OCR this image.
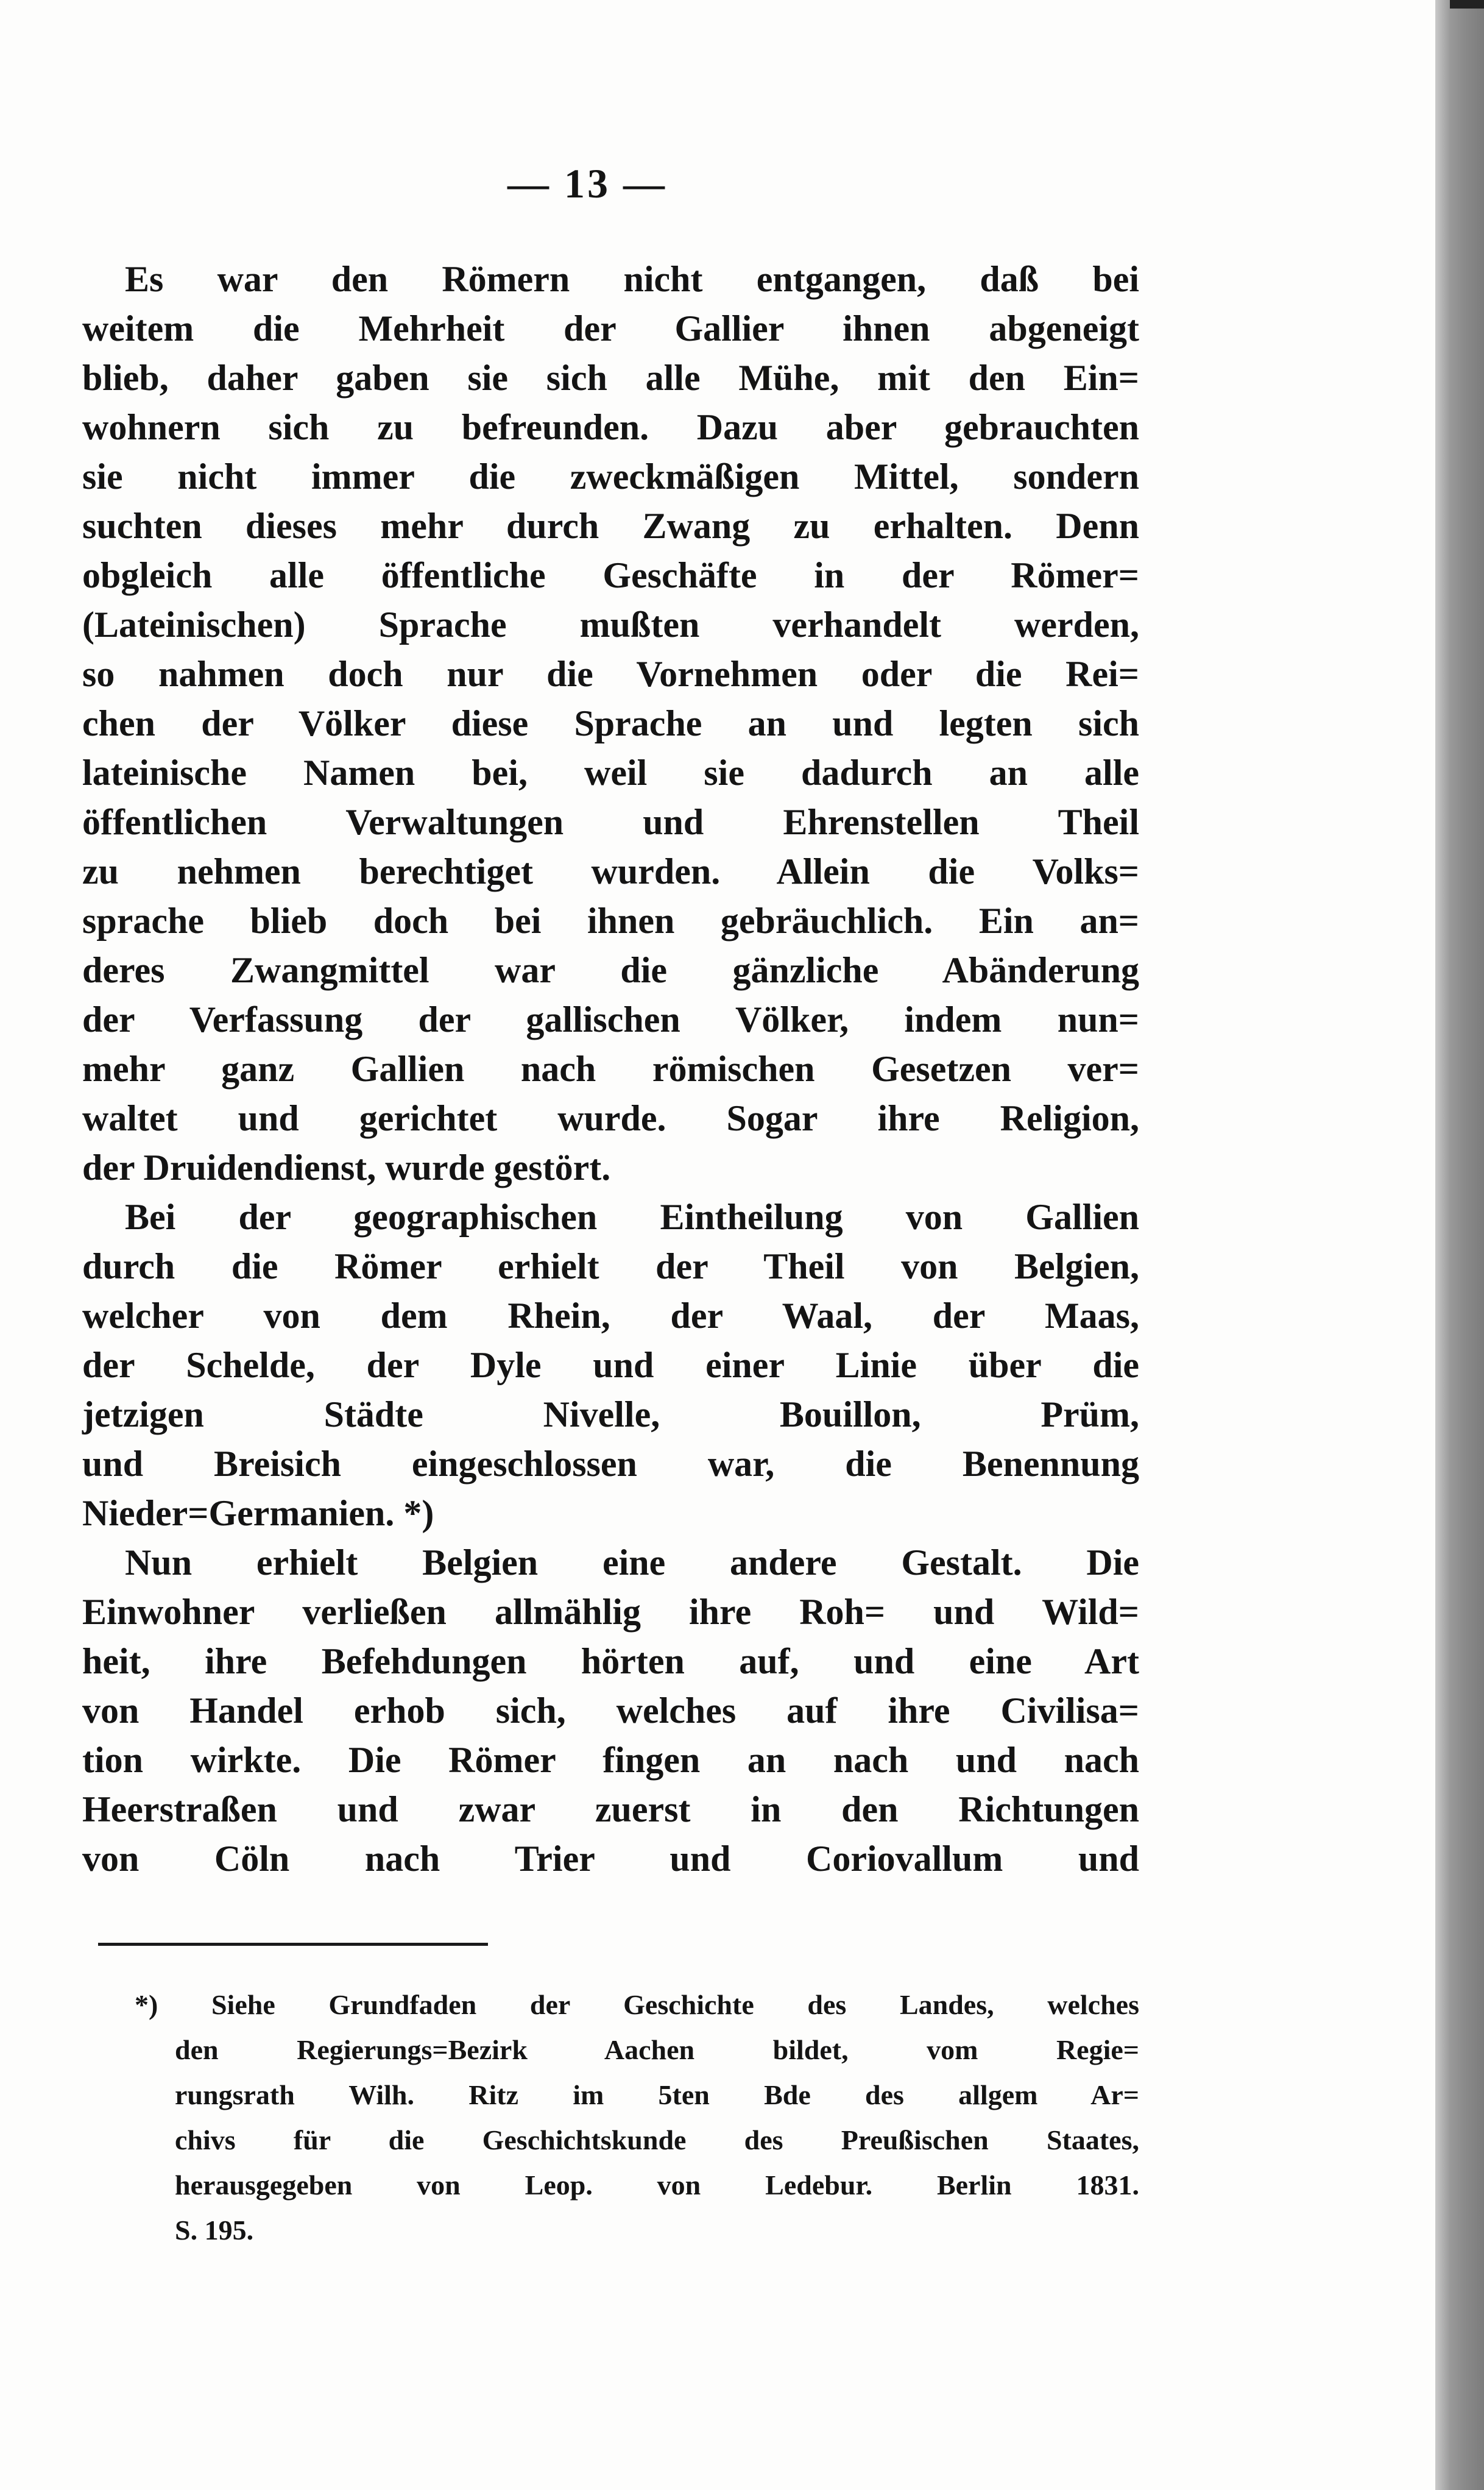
— 13 —
Es war den Römern nicht entgangen, daß bei
weitem die Mehrheit der Gallier ihnen abgeneigt
blieb, daher gaben sie sich alle Mühe, mit den Ein=
wohnern sich zu befreunden. Dazu aber gebrauchten
sie nicht immer die zweckmäßigen Mittel, sondern
suchten dieses mehr durch Zwang zu erhalten. Denn
obgleich alle öffentliche Geschäfte in der Römer=
(Lateinischen) Sprache mußten verhandelt werden,
so nahmen doch nur die Vornehmen oder die Rei=
chen der Völker diese Sprache an und legten sich
lateinische Namen bei, weil sie dadurch an alle
öffentlichen Verwaltungen und Ehrenstellen Theil
zu nehmen berechtiget wurden. Allein die Volks=
sprache blieb doch bei ihnen gebräuchlich. Ein an=
deres Zwangmittel war die gänzliche Abänderung
der Verfassung der gallischen Völker, indem nun=
mehr ganz Gallien nach römischen Gesetzen ver=
waltet und gerichtet wurde. Sogar ihre Religion,
der Druidendienst, wurde gestört.
Bei der geographischen Eintheilung von Gallien
durch die Römer erhielt der Theil von Belgien,
welcher von dem Rhein, der Waal, der Maas,
der Schelde, der Dyle und einer Linie über die
jetzigen Städte Nivelle, Bouillon, Prüm,
und Breisich eingeschlossen war, die Benennung
Nieder=Germanien. *)
Nun erhielt Belgien eine andere Gestalt. Die
Einwohner verließen allmählig ihre Roh= und Wild=
heit, ihre Befehdungen hörten auf, und eine Art
von Handel erhob sich, welches auf ihre Civilisa=
tion wirkte. Die Römer fingen an nach und nach
Heerstraßen und zwar zuerst in den Richtungen
von Cöln nach Trier und Coriovallum und
*) Siehe Grundfaden der Geschichte des Landes, welches
den Regierungs=Bezirk Aachen bildet, vom Regie=
rungsrath Wilh. Ritz im 5ten Bde des allgem Ar=
chivs für die Geschichtskunde des Preußischen Staates,
herausgegeben von Leop. von Ledebur. Berlin 1831.
S. 195.
